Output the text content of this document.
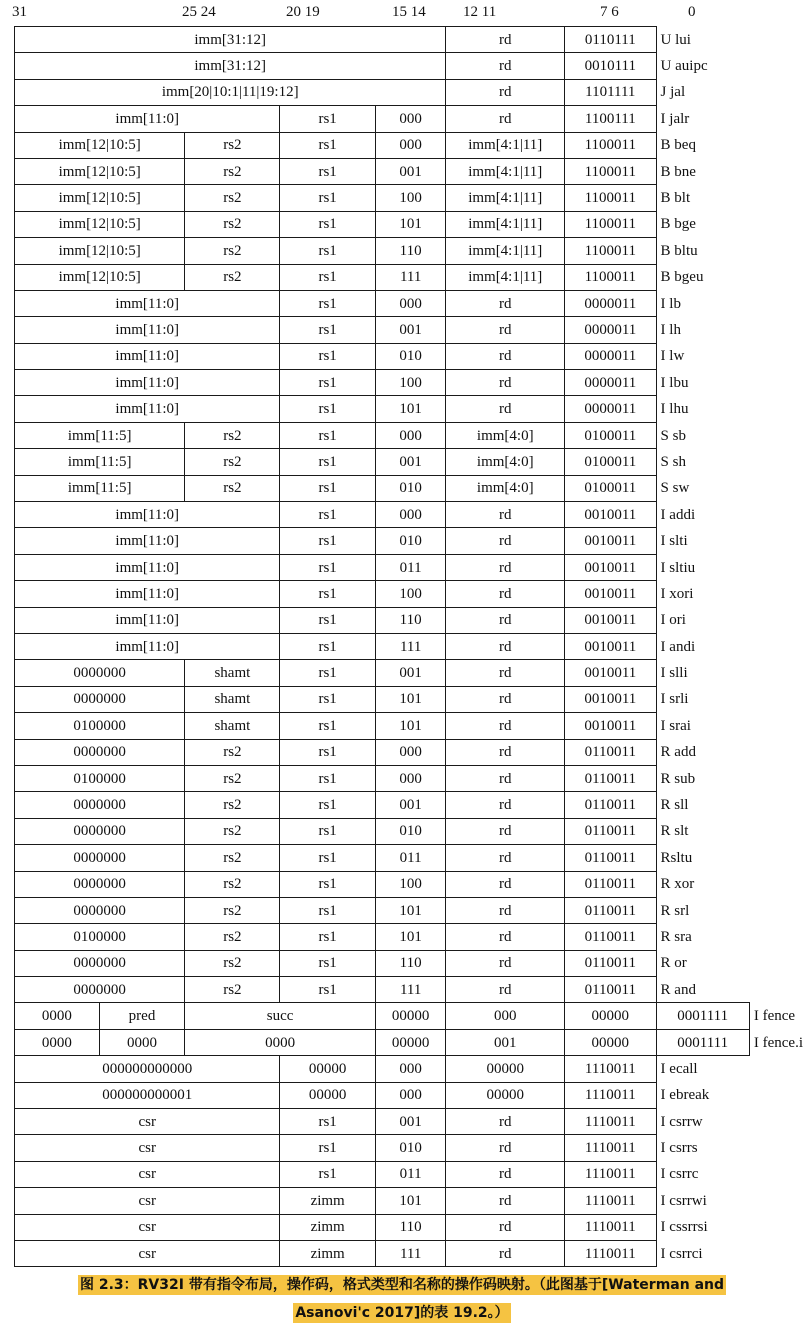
31	25 24	20 19	15 14 12 11	7 6	0
imm[31:12]					rd	0110111	U lui	
imm[31:12]					rd	0010111	U auipc	
imm[20|10:1|11|19:12]					rd	1101111	J jal	
imm[11:0]			rs1	000	rd	1100111	I jalr	
imm[12|10:5]		rs2	rs1	000	imm[4:1|11]	1100011	B beq	
imm[12|10:5]		rs2	rs1	001	imm[4:1|11]	1100011	B bne	
imm[12|10:5]		rs2	rs1	100	imm[4:1|11]	1100011	B blt	
imm[12|10:5]		rs2	rs1	101	imm[4:1|11]	1100011	B bge	
imm[12|10:5]		rs2	rs1	110	imm[4:1|11]	1100011	B bltu	
imm[12|10:5]		rs2	rs1	111	imm[4:1|11]	1100011	B bgeu	
imm[11:0]			rs1	000	rd	0000011	I lb	
imm[11:0]			rs1	001	rd	0000011	I lh	
imm[11:0]			rs1	010	rd	0000011	I lw	
imm[11:0]			rs1	100	rd	0000011	I lbu	
imm[11:0]			rs1	101	rd	0000011	I lhu	
imm[11:5]		rs2	rs1	000	imm[4:0]	0100011	S sb	
imm[11:5]		rs2	rs1	001	imm[4:0]	0100011	S sh	
imm[11:5]		rs2	rs1	010	imm[4:0]	0100011	S sw	
imm[11:0]			rs1	000	rd	0010011	I addi	
imm[11:0]			rs1	010	rd	0010011	I slti	
imm[11:0]			rs1	011	rd	0010011	I sltiu	
imm[11:0]			rs1	100	rd	0010011	I xori	
imm[11:0]			rs1	110	rd	0010011	I ori	
imm[11:0]			rs1	111	rd	0010011	I andi	
0000000		shamt	rs1	001	rd	0010011	I slli	
0000000		shamt	rs1	101	rd	0010011	I srli	
0100000		shamt	rs1	101	rd	0010011	I srai	
0000000		rs2	rs1	000	rd	0110011	R add	
0100000		rs2	rs1	000	rd	0110011	R sub	
0000000		rs2	rs1	001	rd	0110011	R sll	
0000000		rs2	rs1	010	rd	0110011	R slt	
0000000		rs2	rs1	011	rd	0110011	Rsltu	
0000000		rs2	rs1	100	rd	0110011	R xor	
0000000		rs2	rs1	101	rd	0110011	R srl	
0100000		rs2	rs1	101	rd	0110011	R sra	
0000000		rs2	rs1	110	rd	0110011	R or	
0000000		rs2	rs1	111	rd	0110011	R and	
0000	pred	succ		00000	000	00000	0001111	I fence
0000	0000	0000		00000	001	00000	0001111	I fence.i
000000000000			00000	000	00000	1110011	I ecall	
000000000001			00000	000	00000	1110011	I ebreak	
csr			rs1	001	rd	1110011	I csrrw	
csr			rs1	010	rd	1110011	I csrrs	
csr			rs1	011	rd	1110011	I csrrc	
csr			zimm	101	rd	1110011	I csrrwi	
csr			zimm	110	rd	1110011	I cssrrsi	
csr			zimm	111	rd	1110011	I csrrci	
图 2.3：RV32I 带有指令布局，操作码，格式类型和名称的操作码映射。（此图基于[Waterman and
Asanovi'c 2017]的表 19.2。）
